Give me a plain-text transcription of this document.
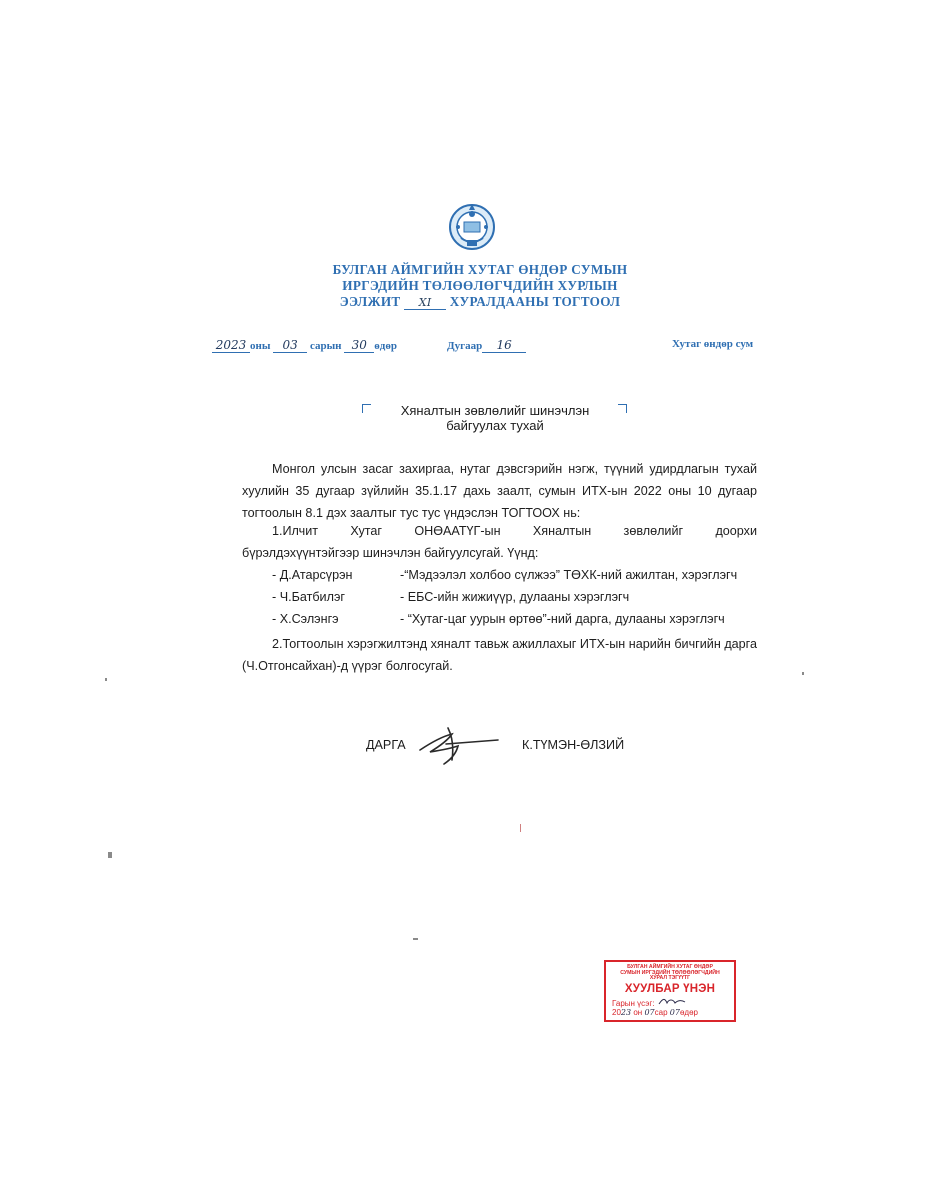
БУЛГАН АЙМГИЙН ХУТАГ ӨНДӨР СУМЫН
ИРГЭДИЙН ТӨЛӨӨЛӨГЧДИЙН ХУРЛЫН
ЭЭЛЖИТ XI ХУРАЛДААНЫ ТОГТООЛ
2023 оны 03 сарын 30 өдөр	Дугаар 16	Хутаг өндөр сум
Хяналтын зөвлөлийг шинэчлэн
байгуулах тухай
Монгол улсын засаг захиргаа, нутаг дэвсгэрийн нэгж, түүний удирдлагын тухай хуулийн 35 дугаар зүйлийн 35.1.17 дахь заалт, сумын ИТХ-ын 2022 оны 10 дугаар тогтоолын 8.1 дэх заалтыг тус тус үндэслэн ТОГТООХ нь:
1.Илчит Хутаг ОНӨААТҮГ-ын Хяналтын зөвлөлийг доорхи
бүрэлдэхүүнтэйгээр шинэчлэн байгуулсугай. Үүнд:
- Д.Атарсүрэн	-“Мэдээлэл холбоо сүлжээ” ТӨХК-ний ажилтан, хэрэглэгч
- Ч.Батбилэг	- ЕБС-ийн жижиүүр, дулааны хэрэглэгч
- Х.Сэлэнгэ	- “Хутаг-цаг уурын өртөө”-ний дарга, дулааны хэрэглэгч
2.Тогтоолын хэрэгжилтэнд хяналт тавьж ажиллахыг ИТХ-ын нарийн бичгийн дарга (Ч.Отгонсайхан)-д үүрэг болгосугай.
ДАРГА	К.ТҮМЭН-ӨЛЗИЙ
БУЛГАН АЙМГИЙН ХУТАГ ӨНДӨР
СУМЫН ИРГЭДИЙН ТӨЛӨӨЛӨГЧДИЙН
ХУРАЛ ТЭГҮҮТГ
ХУУЛБАР ҮНЭН
Гарын үсэг:
2023 он 07сар 07өдөр
